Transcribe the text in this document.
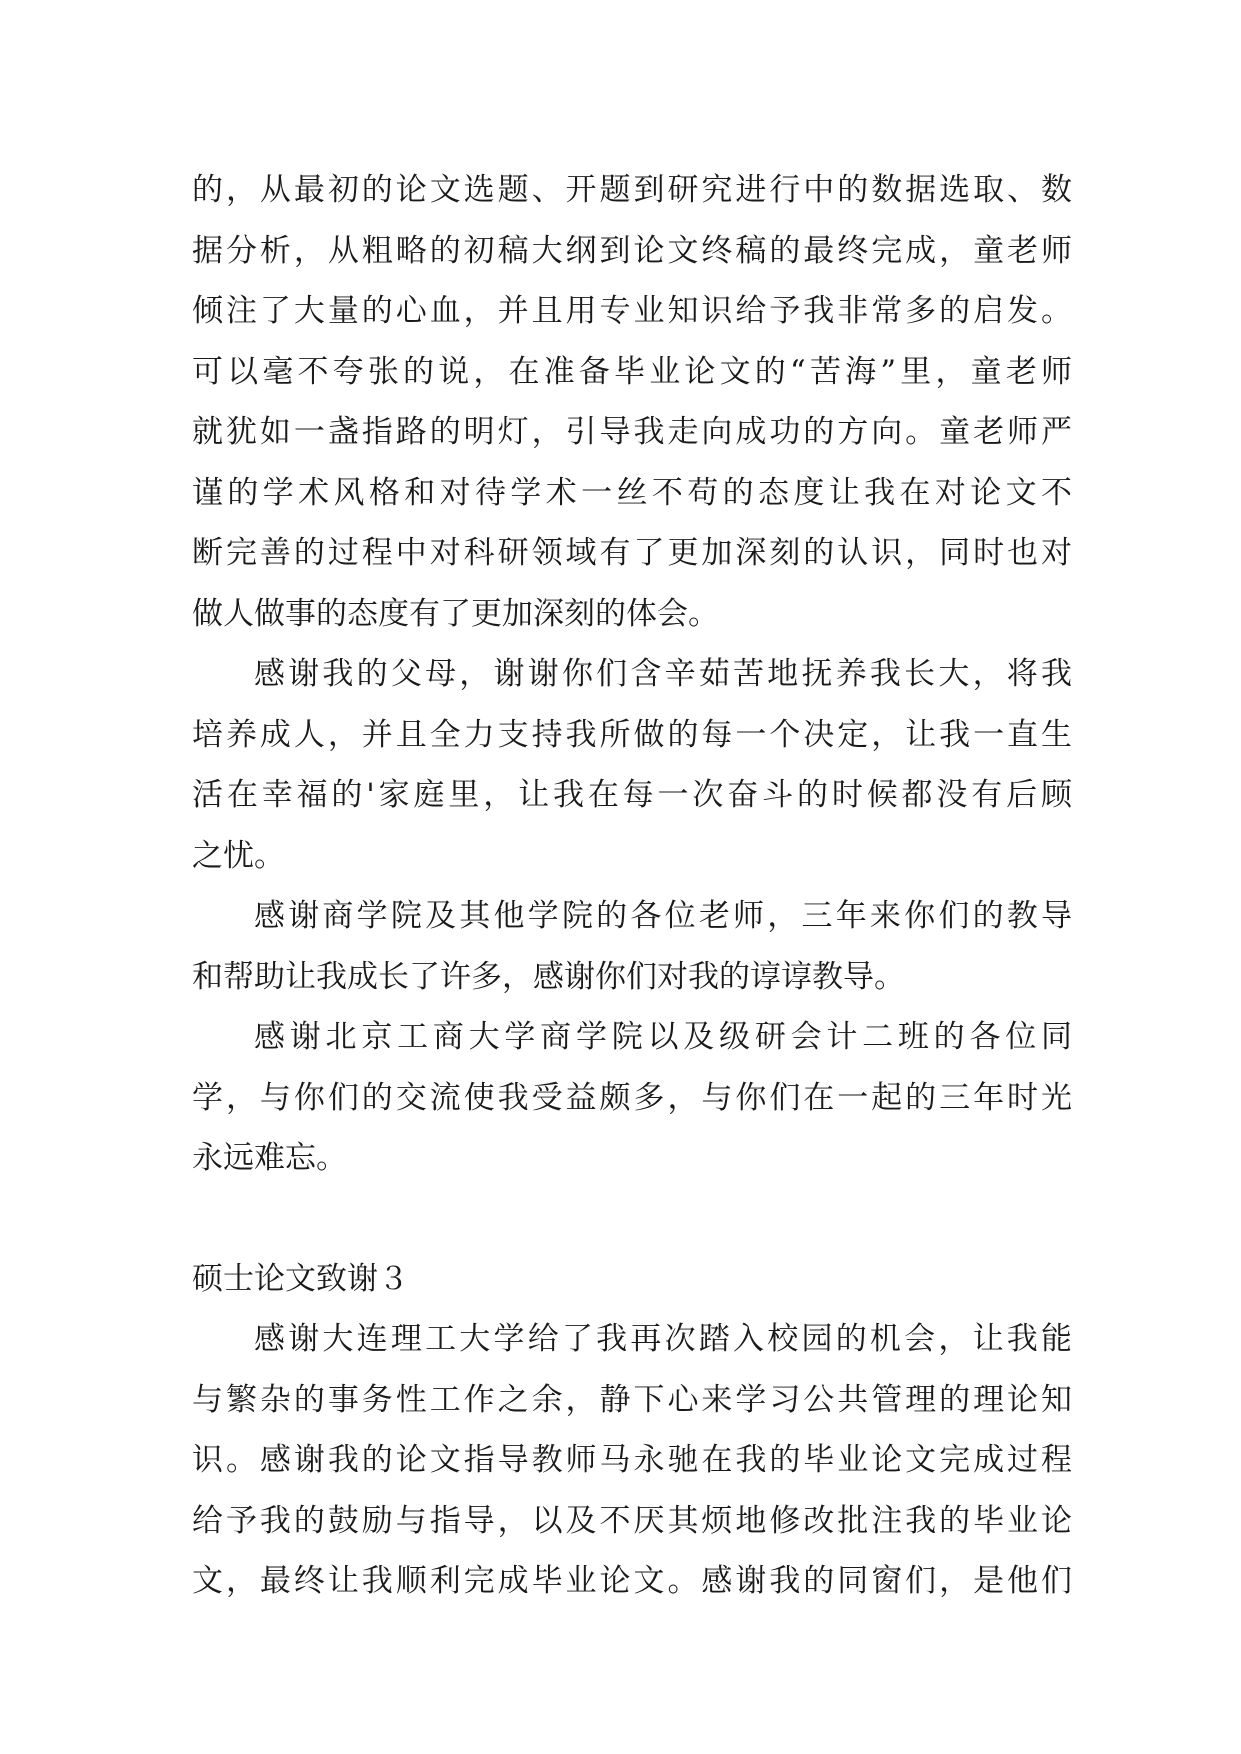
的，从最初的论文选题、开题到研究进行中的数据选取、数
据分析，从粗略的初稿大纲到论文终稿的最终完成，童老师
倾注了大量的心血，并且用专业知识给予我非常多的启发。
可以毫不夸张的说，在准备毕业论文的“苦海”里，童老师
就犹如一盏指路的明灯，引导我走向成功的方向。童老师严
谨的学术风格和对待学术一丝不苟的态度让我在对论文不
断完善的过程中对科研领域有了更加深刻的认识，同时也对
做人做事的态度有了更加深刻的体会。
感谢我的父母，谢谢你们含辛茹苦地抚养我长大，将我
培养成人，并且全力支持我所做的每一个决定，让我一直生
活在幸福的'家庭里，让我在每一次奋斗的时候都没有后顾
之忧。
感谢商学院及其他学院的各位老师，三年来你们的教导
和帮助让我成长了许多，感谢你们对我的谆谆教导。
感谢北京工商大学商学院以及级研会计二班的各位同
学，与你们的交流使我受益颇多，与你们在一起的三年时光
永远难忘。
硕士论文致谢３
感谢大连理工大学给了我再次踏入校园的机会，让我能
与繁杂的事务性工作之余，静下心来学习公共管理的理论知
识。感谢我的论文指导教师马永驰在我的毕业论文完成过程
给予我的鼓励与指导，以及不厌其烦地修改批注我的毕业论
文，最终让我顺利完成毕业论文。感谢我的同窗们，是他们
